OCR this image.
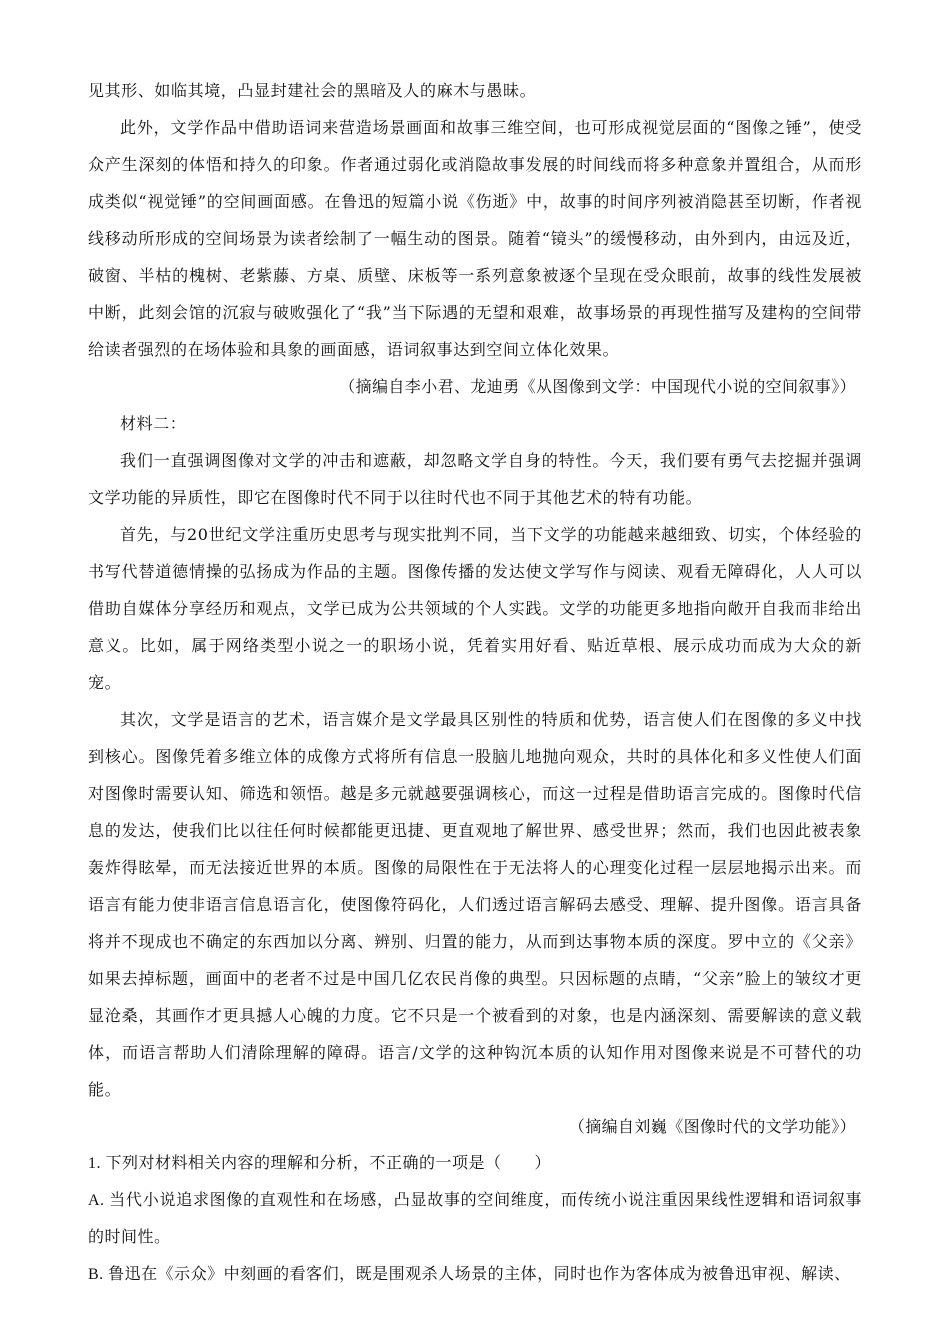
见其形、如临其境，凸显封建社会的黑暗及人的麻木与愚昧。

此外，文学作品中借助语词来营造场景画面和故事三维空间，也可形成视觉层面的“图像之锤”，使受众产生深刻的体悟和持久的印象。作者通过弱化或消隐故事发展的时间线而将多种意象并置组合，从而形成类似“视觉锤”的空间画面感。在鲁迅的短篇小说《伤逝》中，故事的时间序列被消隐甚至切断，作者视线移动所形成的空间场景为读者绘制了一幅生动的图景。随着“镜头”的缓慢移动，由外到内，由远及近，破窗、半枯的槐树、老紫藤、方桌、质壁、床板等一系列意象被逐个呈现在受众眼前，故事的线性发展被中断，此刻会馆的沉寂与破败强化了“我”当下际遇的无望和艰难，故事场景的再现性描写及建构的空间带给读者强烈的在场体验和具象的画面感，语词叙事达到空间立体化效果。

（摘编自李小君、龙迪勇《从图像到文学：中国现代小说的空间叙事》）

材料二：

我们一直强调图像对文学的冲击和遮蔽，却忽略文学自身的特性。今天，我们要有勇气去挖掘并强调文学功能的异质性，即它在图像时代不同于以往时代也不同于其他艺术的特有功能。

首先，与20世纪文学注重历史思考与现实批判不同，当下文学的功能越来越细致、切实，个体经验的书写代替道德情操的弘扬成为作品的主题。图像传播的发达使文学写作与阅读、观看无障碍化，人人可以借助自媒体分享经历和观点，文学已成为公共领域的个人实践。文学的功能更多地指向敞开自我而非给出意义。比如，属于网络类型小说之一的职场小说，凭着实用好看、贴近草根、展示成功而成为大众的新宠。

其次，文学是语言的艺术，语言媒介是文学最具区别性的特质和优势，语言使人们在图像的多义中找到核心。图像凭着多维立体的成像方式将所有信息一股脑儿地抛向观众，共时的具体化和多义性使人们面对图像时需要认知、筛选和领悟。越是多元就越要强调核心，而这一过程是借助语言完成的。图像时代信息的发达，使我们比以往任何时候都能更迅捷、更直观地了解世界、感受世界；然而，我们也因此被表象轰炸得眩晕，而无法接近世界的本质。图像的局限性在于无法将人的心理变化过程一层层地揭示出来。而语言有能力使非语言信息语言化，使图像符码化，人们透过语言解码去感受、理解、提升图像。语言具备将并不现成也不确定的东西加以分离、辨别、归置的能力，从而到达事物本质的深度。罗中立的《父亲》如果去掉标题，画面中的老者不过是中国几亿农民肖像的典型。只因标题的点睛，“父亲”脸上的皱纹才更显沧桑，其画作才更具撼人心魄的力度。它不只是一个被看到的对象，也是内涵深刻、需要解读的意义载体，而语言帮助人们清除理解的障碍。语言/文学的这种钩沉本质的认知作用对图像来说是不可替代的功能。

（摘编自刘巍《图像时代的文学功能》）

1. 下列对材料相关内容的理解和分析，不正确的一项是（　　）

A. 当代小说追求图像的直观性和在场感，凸显故事的空间维度，而传统小说注重因果线性逻辑和语词叙事的时间性。

B. 鲁迅在《示众》中刻画的看客们，既是围观杀人场景的主体，同时也作为客体成为被鲁迅审视、解读、
